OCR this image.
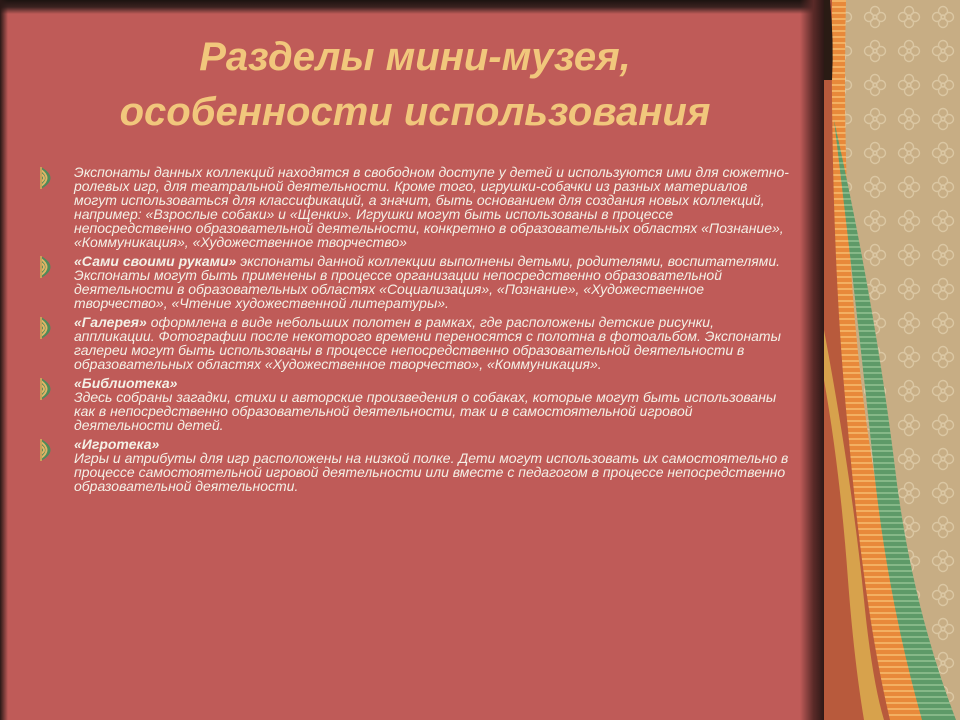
Разделы мини-музея,
особенности использования

Экспонаты данных коллекций находятся в свободном доступе у детей и используются ими для сюжетно-ролевых игр, для театральной деятельности. Кроме того, игрушки-собачки из разных материалов могут использоваться для классификаций, а значит, быть основанием для создания новых коллекций, например: «Взрослые собаки» и «Щенки». Игрушки могут быть использованы в процессе непосредственно образовательной деятельности, конкретно в образовательных областях «Познание», «Коммуникация», «Художественное творчество»

«Сами своими руками» экспонаты данной коллекции выполнены детьми, родителями, воспитателями. Экспонаты могут быть применены в процессе организации непосредственно образовательной деятельности в образовательных областях «Социализация», «Познание», «Художественное творчество», «Чтение художественной литературы».

«Галерея» оформлена в виде небольших полотен в рамках, где расположены детские рисунки, аппликации. Фотографии после некоторого времени переносятся с полотна в фотоальбом. Экспонаты галереи могут быть использованы в процессе непосредственно образовательной деятельности в образовательных областях «Художественное творчество», «Коммуникация».

«Библиотека»

Здесь собраны загадки, стихи и авторские произведения о собаках, которые могут быть использованы как в непосредственно образовательной деятельности, так и в самостоятельной игровой деятельности детей.

«Игротека»

Игры и атрибуты для игр расположены на низкой полке. Дети могут использовать их самостоятельно в процессе самостоятельной игровой деятельности или вместе с педагогом в процессе непосредственно образовательной деятельности.
